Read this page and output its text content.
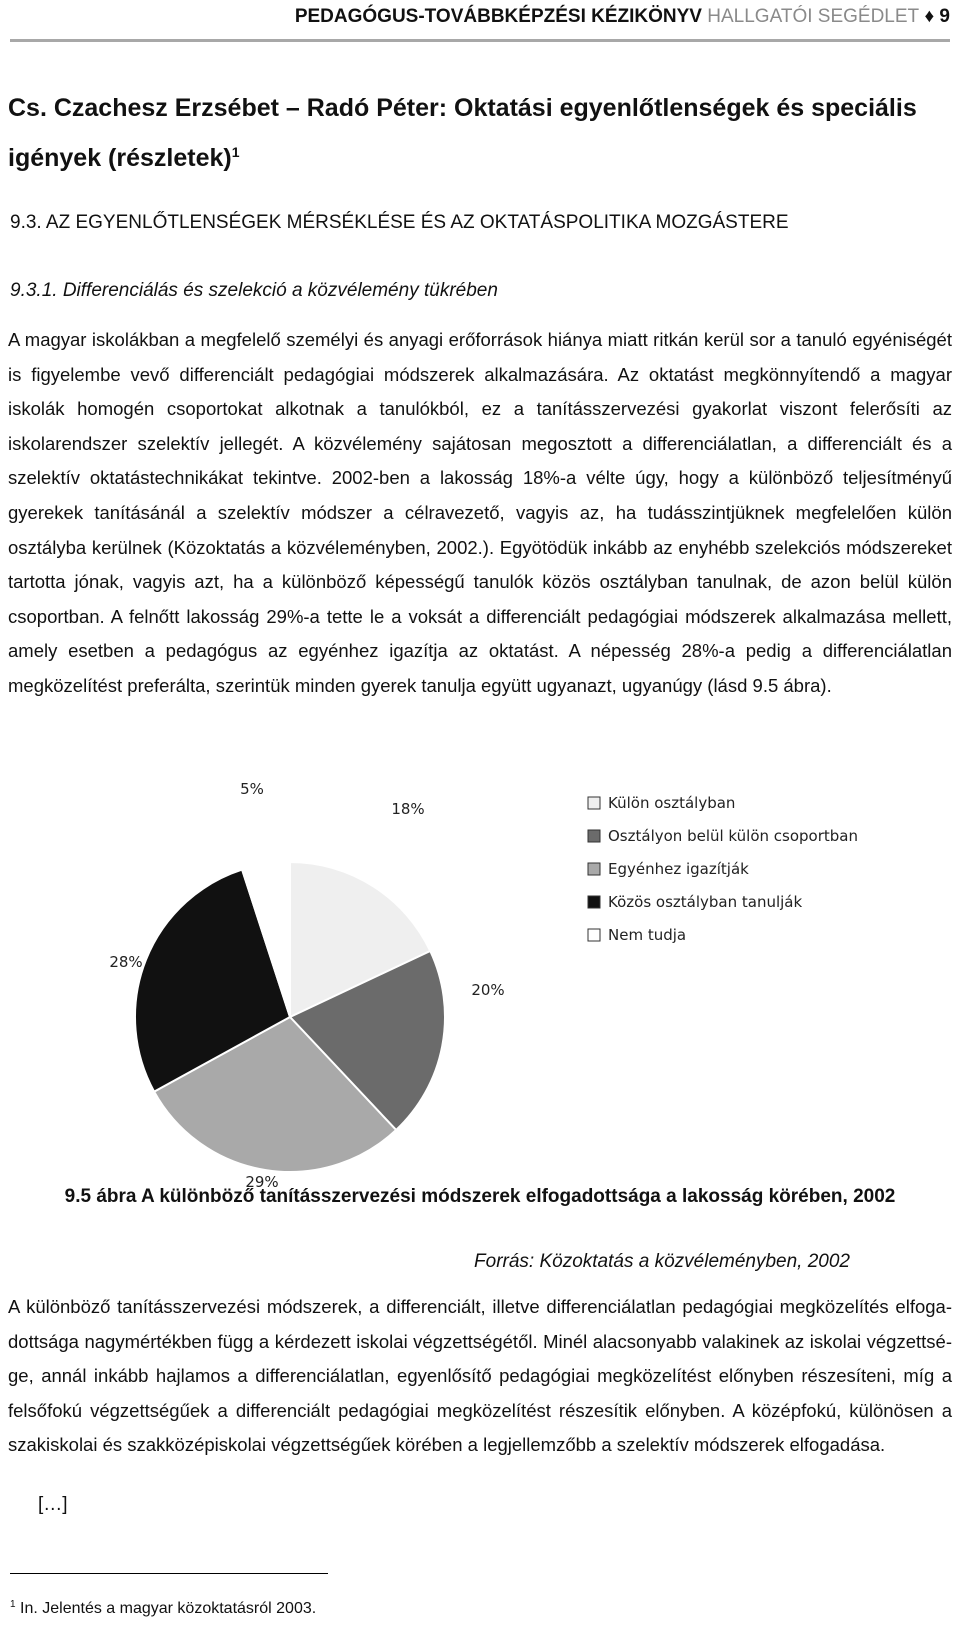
PEDAGÓGUS-TOVÁBBKÉPZÉSI KÉZIKÖNYV HALLGATÓI SEGÉDLET ♦ 9
Cs. Czachesz Erzsébet – Radó Péter: Oktatási egyenlőtlenségek és speciális igények (részletek)$^1$
9.3. AZ EGYENLŐTLENSÉGEK MÉRSÉKLÉSE ÉS AZ OKTATÁSPOLITIKA MOZGÁSTERE
9.3.1. Differenciálás és szelekció a közvélemény tükrében
A magyar iskolákban a megfelelő személyi és anyagi erőforrások hiánya miatt ritkán kerül sor a tanuló egyéniségét is figyelembe vevő differenciált pedagógiai módszerek alkalmazására. Az oktatást megkönnyítendő a magyar iskolák homogén csoportokat alkotnak a tanulókból, ez a tanításszervezési gyakorlat viszont felerősíti az iskolarendszer szelektív jellegét. A közvélemény sajátosan megosztott a differenciálatlan, a differenciált és a szelektív oktatástechnikákat tekintve. 2002-ben a lakosság 18%-a vélte úgy, hogy a különböző teljesítményű gyerekek tanításánál a szelektív módszer a célravezető, vagyis az, ha tudásszintjüknek megfelelően külön osztályba kerülnek (Közoktatás a közvéleményben, 2002.). Egyötödük inkább az enyhébb szelekciós módszereket tartotta jónak, vagyis azt, ha a különböző képességű tanulók közös osztályban tanulnak, de azon belül külön csoportban. A felnőtt lakosság 29%-a tette le a voksát a differenciált pedagógiai módszerek alkalmazása mellett, amely esetben a pedagógus az egyénhez igazítja az oktatást. A népesség 28%-a pedig a differenciálatlan megközelítést preferálta, szerintük minden gyerek tanulja együtt ugyanazt, ugyanúgy (lásd 9.5 ábra).
18%
20%
29%
28%
5%
Külön osztályban
Osztályon belül külön csoportban
Egyénhez igazítják
Közös osztályban tanulják
Nem tudja
9.5 ábra A különböző tanításszervezési módszerek elfogadottsága a lakosság körében, 2002
Forrás: Közoktatás a közvéleményben, 2002
A különböző tanításszervezési módszerek, a differenciált, illetve differenciálatlan pedagógiai megközelítés elfogadottsága nagymértékben függ a kérdezett iskolai végzettségétől. Minél alacsonyabb valakinek az iskolai végzettsége, annál inkább hajlamos a differenciálatlan, egyenlősítő pedagógiai megközelítést előnyben részesíteni, míg a felsőfokú végzettségűek a differenciált pedagógiai megközelítést részesítik előnyben. A középfokú, különösen a szakiskolai és szakközépiskolai végzettségűek körében a legjellemzőbb a szelektív módszerek elfogadása.
[…]
$^1$ In. Jelentés a magyar közoktatásról 2003.
